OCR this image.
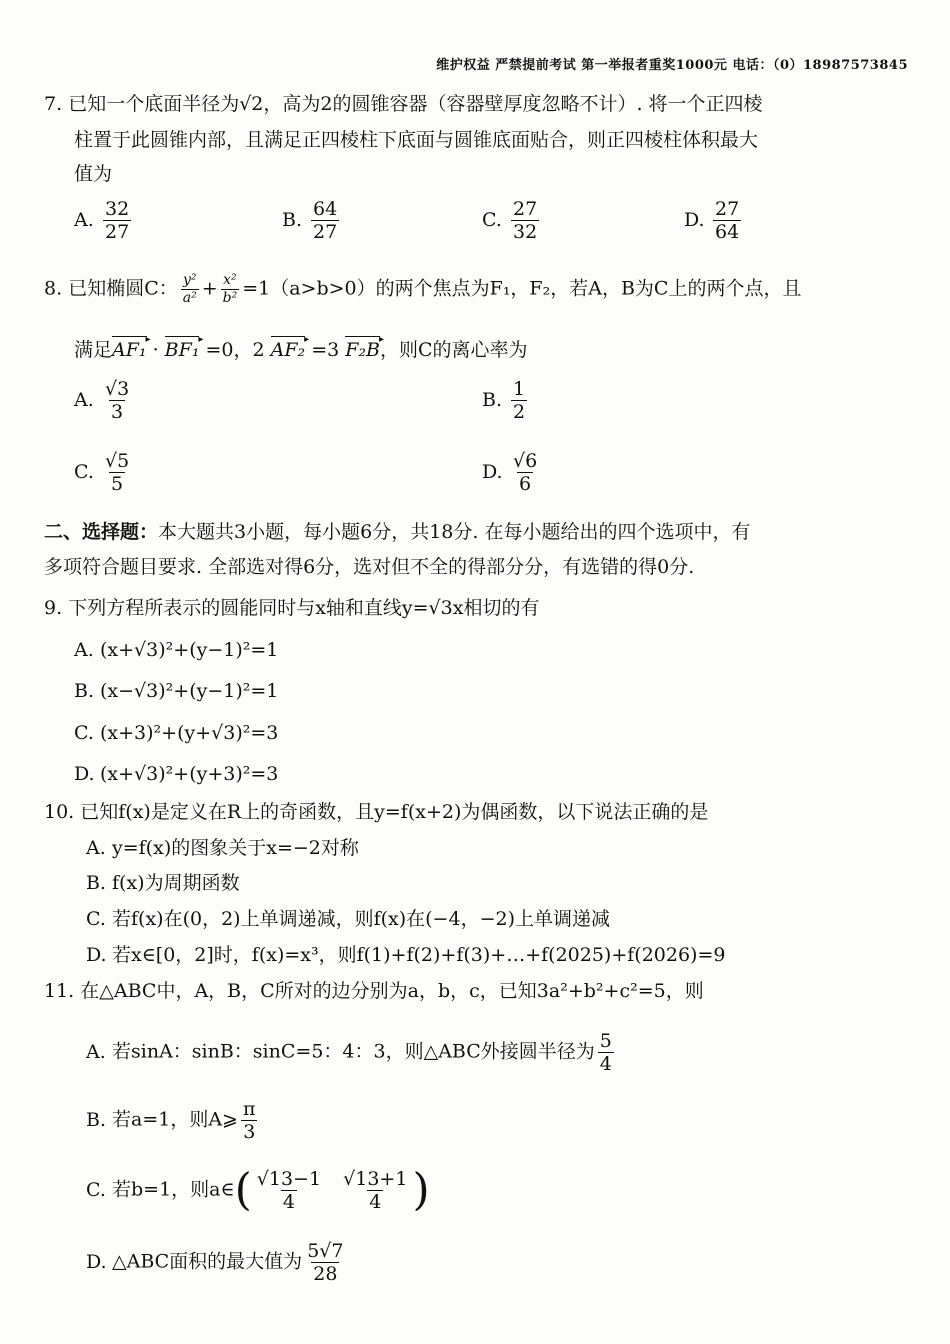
维护权益 严禁提前考试 第一举报者重奖1000元 电话：（0）18987573845
7. 已知一个底面半径为√2，高为2的圆锥容器（容器壁厚度忽略不计）. 将一个正四棱
柱置于此圆锥内部，且满足正四棱柱下底面与圆锥底面贴合，则正四棱柱体积最大
值为
A. $\frac{32}{27}$	B. $\frac{64}{27}$	C. $\frac{27}{32}$	D. $\frac{27}{64}$
8. 已知椭圆C： $\frac{\text{y²}}{\text{a²}} + \frac{\text{x²}}{\text{b²}} =1(a>b>0)$的两个焦点为F₁，F₂，若A，B为C上的两个点，且
满足AF₁ ▸ · BF₁ ▸ =0，2 AF₂ ▸ =3 F₂B ▸，则C的离心率为
A. $\frac{√3}{3}$	B. $\frac{1}{2}$
C. $\frac{√5}{5}$	D. $\frac{√6}{6}$
二、选择题：本大题共3小题，每小题6分，共18分. 在每小题给出的四个选项中，有
多项符合题目要求. 全部选对得6分，选对但不全的得部分分，有选错的得0分.
9. 下列方程所表示的圆能同时与x轴和直线y=√3x相切的有
A. (x+√3)²+(y−1)²=1
B. (x−√3)²+(y−1)²=1
C. (x+3)²+(y+√3)²=3
D. (x+√3)²+(y+3)²=3
10. 已知f(x)是定义在R上的奇函数，且y=f(x+2)为偶函数，以下说法正确的是
A. y=f(x)的图象关于x=−2对称
B. f(x)为周期函数
C. 若f(x)在(0，2)上单调递减，则f(x)在(−4，−2)上单调递减
D. 若x∈[0，2]时，f(x)=x³，则f(1)+f(2)+f(3)+…+f(2025)+f(2026)=9
11. 在△ABC中，A，B，C所对的边分别为a，b，c，已知3a²+b²+c²=5，则
A. 若sinA：sinB：sinC=5：4：3，则△ABC外接圆半径为 $\frac{5}{4}$
B. 若a=1，则A⩾ $\frac{\pi}{3}$
C. 若b=1，则a∈( $\frac{√13-1}{4}$
$\frac{√13+1}{4}$ )
D. △ABC面积的最大值为 $\frac{5√7}{28}$
